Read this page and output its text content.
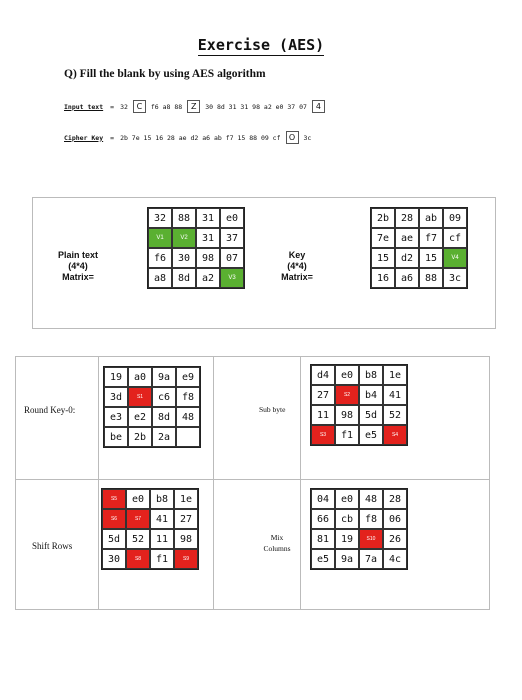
Exercise (AES)
Q) Fill the blank by using AES algorithm
Input text = 32	C	f6 a8 88	Z	30 8d 31 31 98 a2 e0 37 07	4
Cipher Key = 2b 7e 15 16 28 ae d2 a6 ab f7 15 88 09 cf	O	3c
Plain text
(4*4)
Matrix=
32	88	31	e0
V1	V2	31	37
f6	30	98	07
a8	8d	a2	V3
Key
(4*4)
Matrix=
2b	28	ab	09
7e	ae	f7	cf
15	d2	15	V4
16	a6	88	3c
Round Key-0:	Sub byte
Shift Rows
Mix
Columns
19	a0	9a	e9
3d	S1	c6	f8
e3	e2	8d	48
be	2b	2a
d4	e0	b8	1e
27	S2	b4	41
11	98	5d	52
S3	f1	e5	S4
S5	e0	b8	1e
S6	S7	41	27
5d	52	11	98
30	S8	f1	S9
04	e0	48	28
66	cb	f8	06
81	19	S10	26
e5	9a	7a	4c
